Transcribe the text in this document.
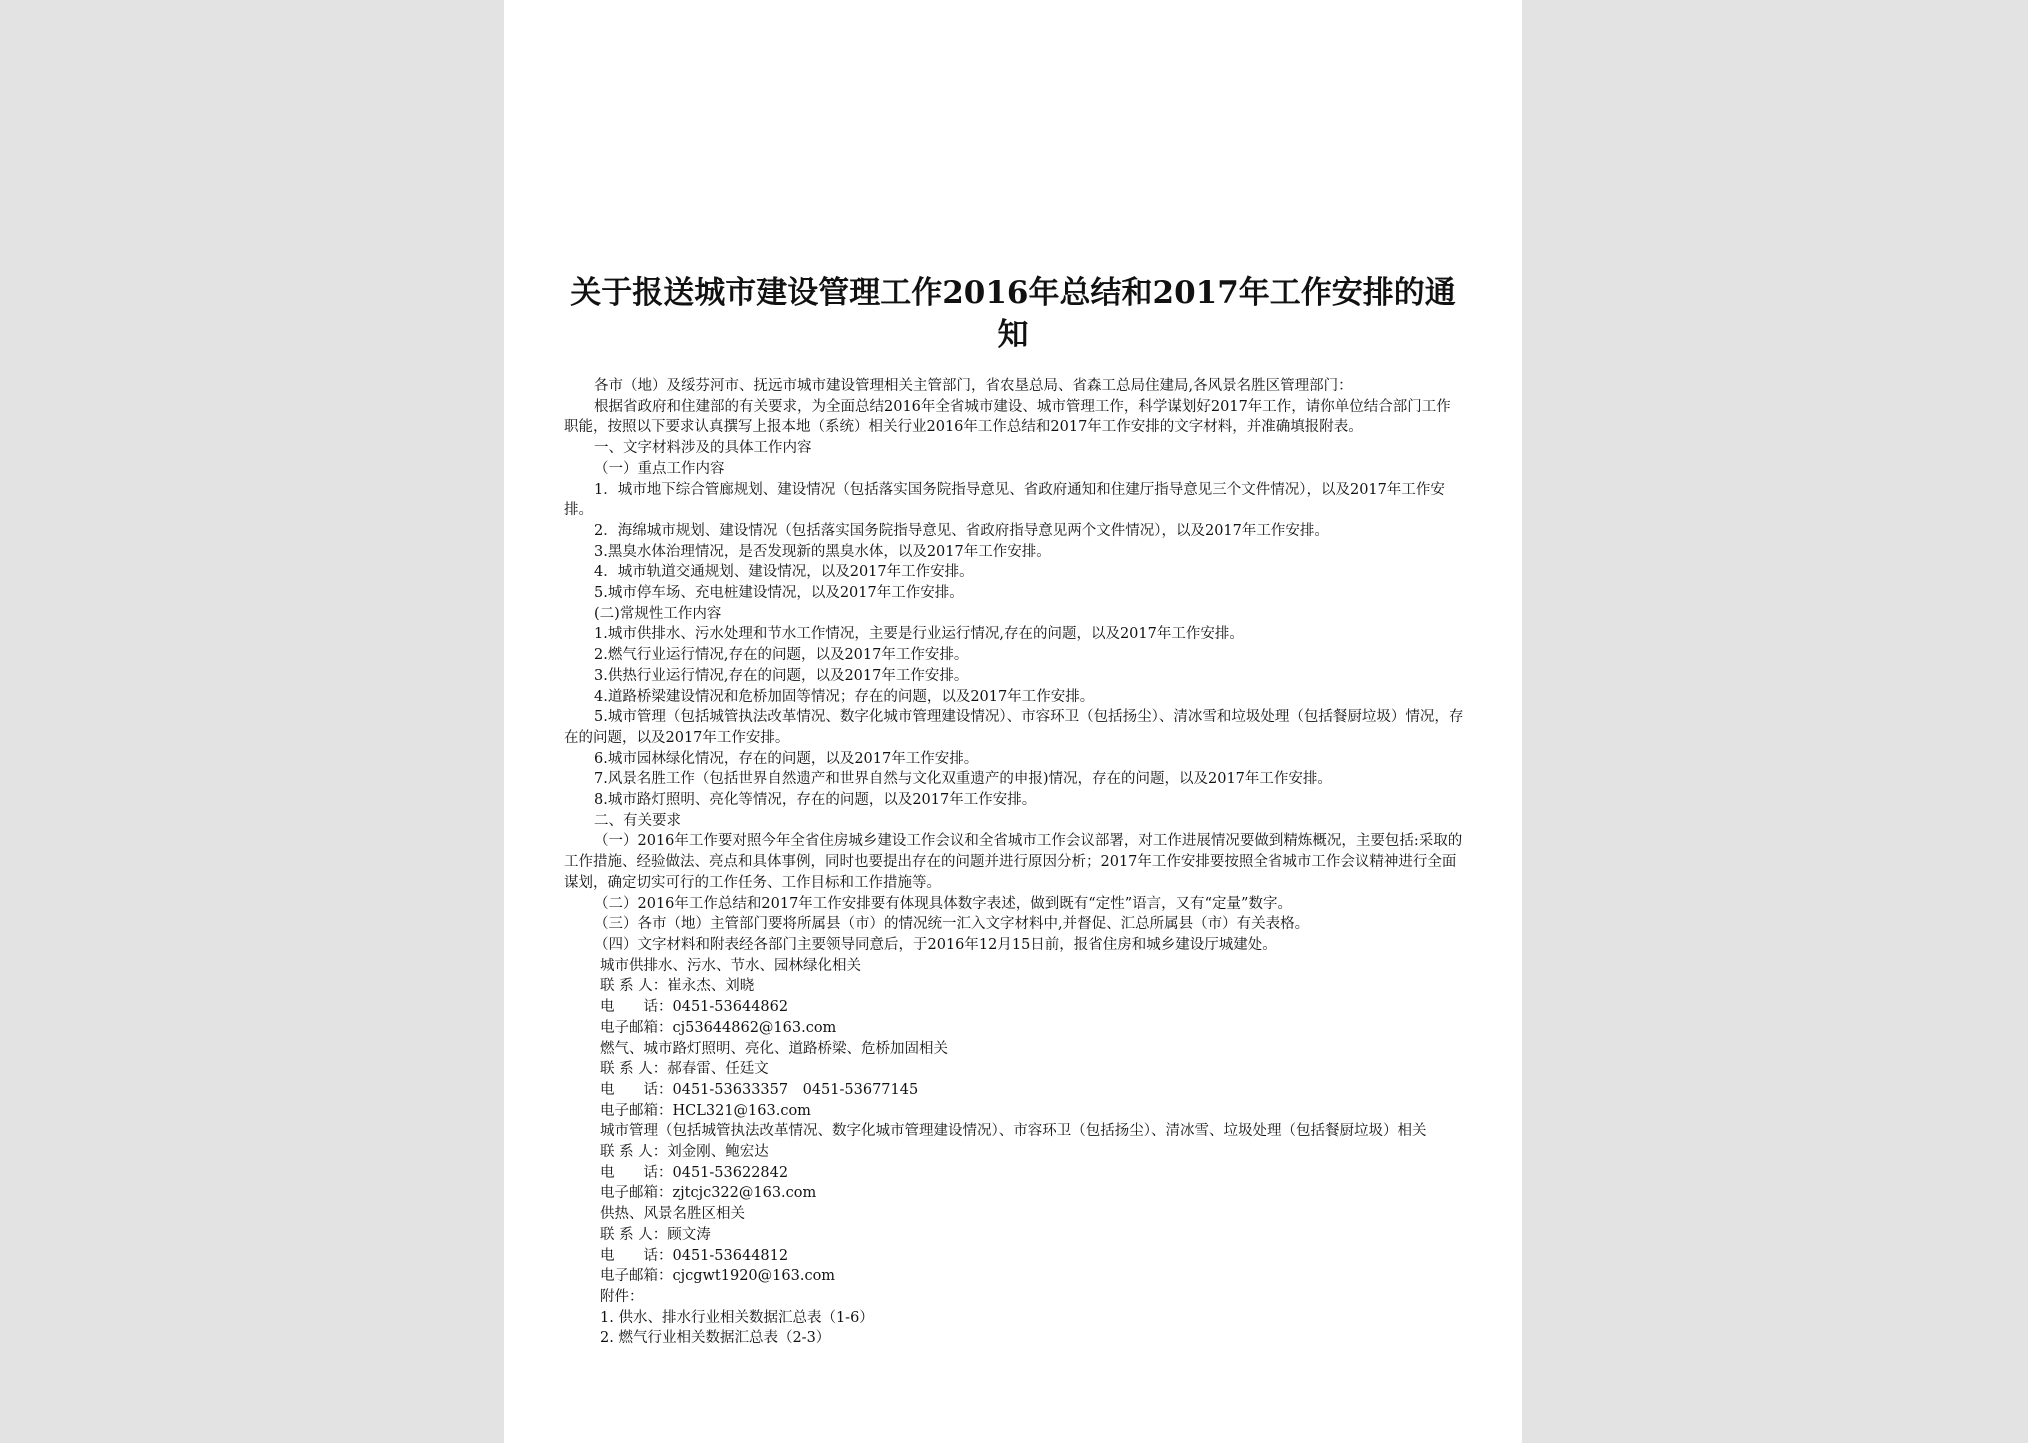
关于报送城市建设管理工作2016年总结和2017年工作安排的通知

各市（地）及绥芬河市、抚远市城市建设管理相关主管部门，省农垦总局、省森工总局住建局,各风景名胜区管理部门：

根据省政府和住建部的有关要求，为全面总结2016年全省城市建设、城市管理工作，科学谋划好2017年工作，请你单位结合部门工作职能，按照以下要求认真撰写上报本地（系统）相关行业2016年工作总结和2017年工作安排的文字材料，并准确填报附表。

一、文字材料涉及的具体工作内容

（一）重点工作内容

1．城市地下综合管廊规划、建设情况（包括落实国务院指导意见、省政府通知和住建厅指导意见三个文件情况），以及2017年工作安排。

2．海绵城市规划、建设情况（包括落实国务院指导意见、省政府指导意见两个文件情况），以及2017年工作安排。

3.黑臭水体治理情况，是否发现新的黑臭水体，以及2017年工作安排。

4．城市轨道交通规划、建设情况，以及2017年工作安排。

5.城市停车场、充电桩建设情况，以及2017年工作安排。

(二)常规性工作内容

1.城市供排水、污水处理和节水工作情况，主要是行业运行情况,存在的问题，以及2017年工作安排。

2.燃气行业运行情况,存在的问题，以及2017年工作安排。

3.供热行业运行情况,存在的问题，以及2017年工作安排。

4.道路桥梁建设情况和危桥加固等情况；存在的问题，以及2017年工作安排。

5.城市管理（包括城管执法改革情况、数字化城市管理建设情况）、市容环卫（包括扬尘）、清冰雪和垃圾处理（包括餐厨垃圾）情况，存在的问题，以及2017年工作安排。

6.城市园林绿化情况，存在的问题，以及2017年工作安排。

7.风景名胜工作（包括世界自然遗产和世界自然与文化双重遗产的申报)情况，存在的问题，以及2017年工作安排。

8.城市路灯照明、亮化等情况，存在的问题，以及2017年工作安排。

二、有关要求

（一）2016年工作要对照今年全省住房城乡建设工作会议和全省城市工作会议部署，对工作进展情况要做到精炼概况，主要包括:采取的工作措施、经验做法、亮点和具体事例，同时也要提出存在的问题并进行原因分析；2017年工作安排要按照全省城市工作会议精神进行全面谋划，确定切实可行的工作任务、工作目标和工作措施等。

（二）2016年工作总结和2017年工作安排要有体现具体数字表述，做到既有“定性”语言，又有“定量”数字。

（三）各市（地）主管部门要将所属县（市）的情况统一汇入文字材料中,并督促、汇总所属县（市）有关表格。

（四）文字材料和附表经各部门主要领导同意后，于2016年12月15日前，报省住房和城乡建设厅城建处。

城市供排水、污水、节水、园林绿化相关

联 系 人：崔永杰、刘晓

电　　话：0451-53644862

电子邮箱：cj53644862@163.com

燃气、城市路灯照明、亮化、道路桥梁、危桥加固相关

联 系 人：郝春雷、任廷文

电　　话：0451-53633357　0451-53677145

电子邮箱：HCL321@163.com

城市管理（包括城管执法改革情况、数字化城市管理建设情况）、市容环卫（包括扬尘）、清冰雪、垃圾处理（包括餐厨垃圾）相关

联 系 人：刘金刚、鲍宏达

电　　话：0451-53622842

电子邮箱：zjtcjc322@163.com

供热、风景名胜区相关

联 系 人：顾文涛

电　　话：0451-53644812

电子邮箱：cjcgwt1920@163.com

附件：

1. 供水、排水行业相关数据汇总表（1-6）

2. 燃气行业相关数据汇总表（2-3）
